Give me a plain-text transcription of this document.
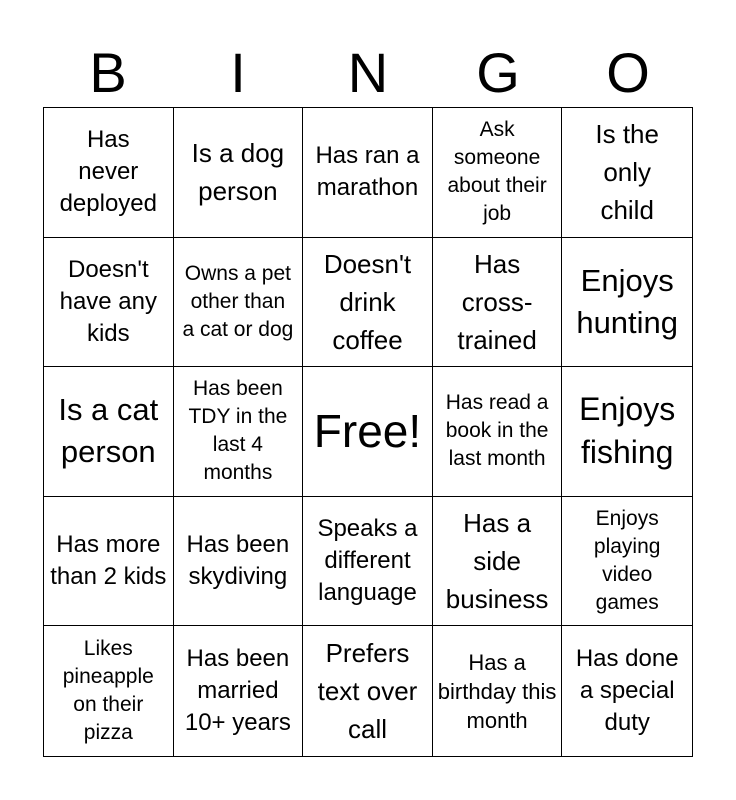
B	I	N	G	O
Has never deployed
Is a dog person
Has ran a marathon
Ask someone about their job
Is the only child
Doesn't have any kids
Owns a pet other than a cat or dog
Doesn't drink coffee
Has cross-trained
Enjoys hunting
Is a cat person
Has been TDY in the last 4 months
Free!
Has read a book in the last month
Enjoys fishing
Has more than 2 kids
Has been skydiving
Speaks a different language
Has a side business
Enjoys playing video games
Likes pineapple on their pizza
Has been married 10+ years
Prefers text over call
Has a birthday this month
Has done a special duty
